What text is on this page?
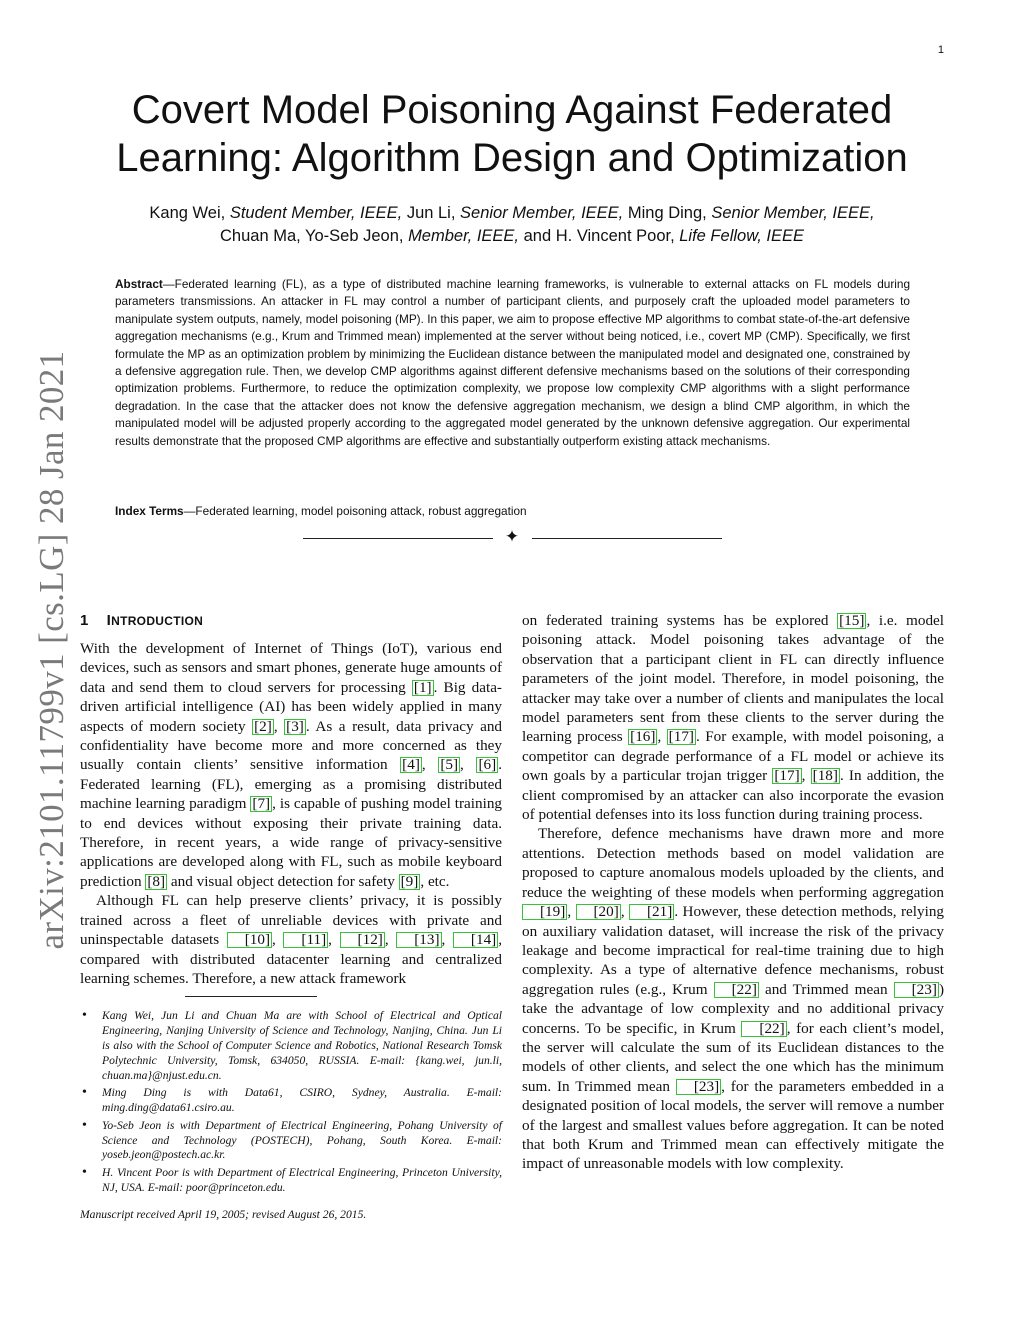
1
arXiv:2101.11799v1 [cs.LG] 28 Jan 2021
Covert Model Poisoning Against Federated
Learning: Algorithm Design and Optimization
Kang Wei, Student Member, IEEE, Jun Li, Senior Member, IEEE, Ming Ding, Senior Member, IEEE,
Chuan Ma, Yo-Seb Jeon, Member, IEEE, and H. Vincent Poor, Life Fellow, IEEE
Abstract—Federated learning (FL), as a type of distributed machine learning frameworks, is vulnerable to external attacks on FL models during parameters transmissions. An attacker in FL may control a number of participant clients, and purposely craft the uploaded model parameters to manipulate system outputs, namely, model poisoning (MP). In this paper, we aim to propose effective MP algorithms to combat state-of-the-art defensive aggregation mechanisms (e.g., Krum and Trimmed mean) implemented at the server without being noticed, i.e., covert MP (CMP). Specifically, we first formulate the MP as an optimization problem by minimizing the Euclidean distance between the manipulated model and designated one, constrained by a defensive aggregation rule. Then, we develop CMP algorithms against different defensive mechanisms based on the solutions of their corresponding optimization problems. Furthermore, to reduce the optimization complexity, we propose low complexity CMP algorithms with a slight performance degradation. In the case that the attacker does not know the defensive aggregation mechanism, we design a blind CMP algorithm, in which the manipulated model will be adjusted properly according to the aggregated model generated by the unknown defensive aggregation. Our experimental results demonstrate that the proposed CMP algorithms are effective and substantially outperform existing attack mechanisms.
Index Terms—Federated learning, model poisoning attack, robust aggregation
✦
1 INTRODUCTION

With the development of Internet of Things (IoT), various end devices, such as sensors and smart phones, generate huge amounts of data and send them to cloud servers for processing [1] . Big data-driven artificial intelligence (AI) has been widely applied in many aspects of modern society [2] , [3] . As a result, data privacy and confidentiality have become more and more concerned as they usually contain clients’ sensitive information [4] , [5] , [6] . Federated learning (FL), emerging as a promising distributed machine learning paradigm [7] , is capable of pushing model training to end devices without exposing their private training data. Therefore, in recent years, a wide range of privacy-sensitive applications are developed along with FL, such as mobile keyboard prediction [8] and visual object detection for safety [9] , etc.

Although FL can help preserve clients’ privacy, it is possibly trained across a fleet of unreliable devices with private and uninspectable datasets [10] , [11] , [12] , [13] , [14] , compared with distributed datacenter learning and centralized learning schemes. Therefore, a new attack framework

• Kang Wei, Jun Li and Chuan Ma are with School of Electrical and Optical Engineering, Nanjing University of Science and Technology, Nanjing, China. Jun Li is also with the School of Computer Science and Robotics, National Research Tomsk Polytechnic University, Tomsk, 634050, RUSSIA. E-mail: {kang.wei, jun.li, chuan.ma}@njust.edu.cn.
• Ming Ding is with Data61, CSIRO, Sydney, Australia. E-mail: ming.ding@data61.csiro.au.
• Yo-Seb Jeon is with Department of Electrical Engineering, Pohang University of Science and Technology (POSTECH), Pohang, South Korea. E-mail: yoseb.jeon@postech.ac.kr.
• H. Vincent Poor is with Department of Electrical Engineering, Princeton University, NJ, USA. E-mail: poor@princeton.edu.
Manuscript received April 19, 2005; revised August 26, 2015.

on federated training systems has be explored [15] , i.e. model poisoning attack. Model poisoning takes advantage of the observation that a participant client in FL can directly influence parameters of the joint model. Therefore, in model poisoning, the attacker may take over a number of clients and manipulates the local model parameters sent from these clients to the server during the learning process [16] , [17] . For example, with model poisoning, a competitor can degrade performance of a FL model or achieve its own goals by a particular trojan trigger [17] , [18] . In addition, the client compromised by an attacker can also incorporate the evasion of potential defenses into its loss function during training process.

Therefore, defence mechanisms have drawn more and more attentions. Detection methods based on model validation are proposed to capture anomalous models uploaded by the clients, and reduce the weighting of these models when performing aggregation [19] , [20] , [21] . However, these detection methods, relying on auxiliary validation dataset, will increase the risk of the privacy leakage and become impractical for real-time training due to high complexity. As a type of alternative defence mechanisms, robust aggregation rules (e.g., Krum [22] and Trimmed mean [23] ) take the advantage of low complexity and no additional privacy concerns. To be specific, in Krum [22] , for each client’s model, the server will calculate the sum of its Euclidean distances to the models of other clients, and select the one which has the minimum sum. In Trimmed mean [23] , for the parameters embedded in a designated position of local models, the server will remove a number of the largest and smallest values before aggregation. It can be noted that both Krum and Trimmed mean can effectively mitigate the impact of unreasonable models with low complexity.
